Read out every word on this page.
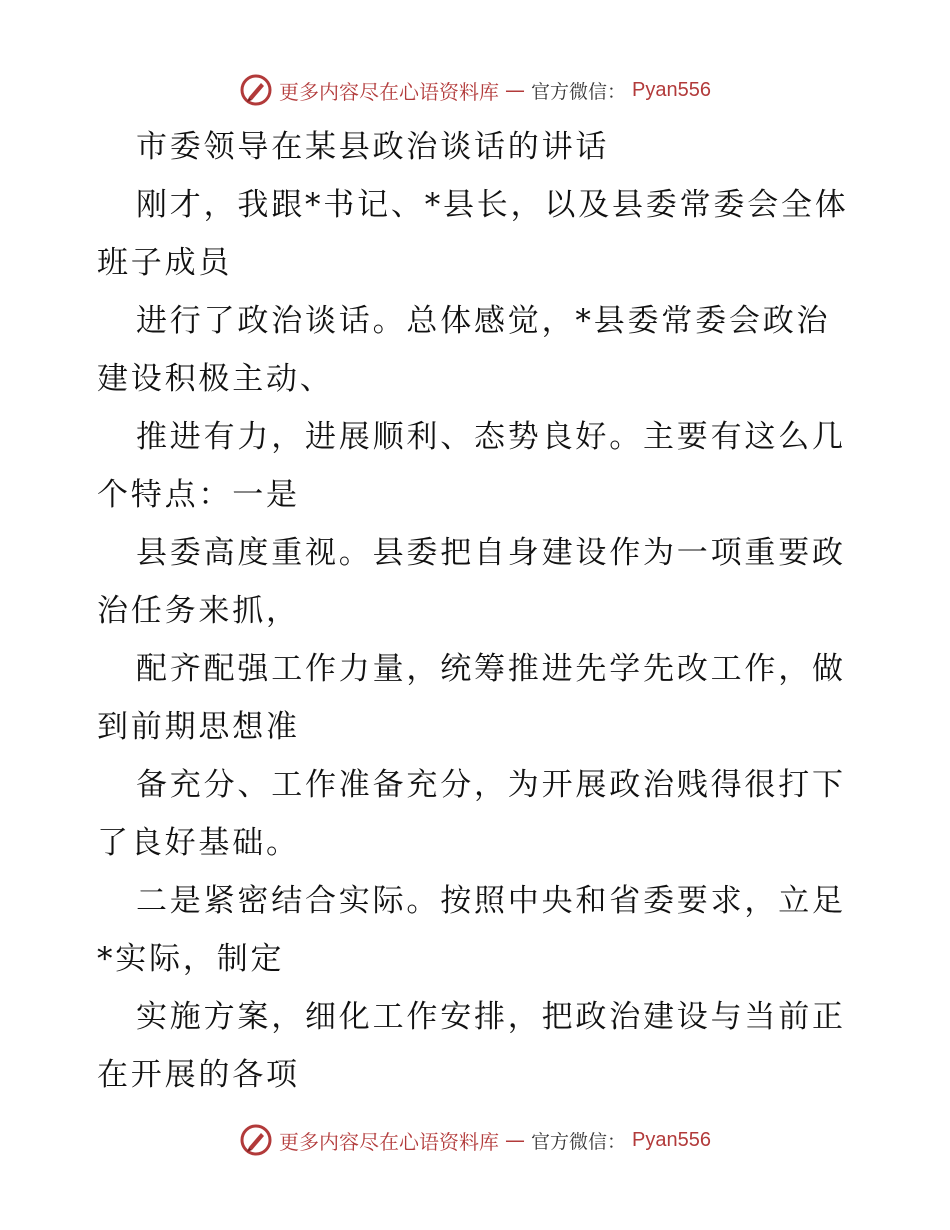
更多内容尽在心语资料库 — 官方微信： Pyan556
市委领导在某县政治谈话的讲话
刚才，我跟*书记、*县长，以及县委常委会全体
班子成员
进行了政治谈话。总体感觉，*县委常委会政治
建设积极主动、
推进有力，进展顺利、态势良好。主要有这么几
个特点：一是
县委高度重视。县委把自身建设作为一项重要政
治任务来抓，
配齐配强工作力量，统筹推进先学先改工作，做
到前期思想准
备充分、工作准备充分，为开展政治贱得很打下
了良好基础。
二是紧密结合实际。按照中央和省委要求，立足
*实际，制定
实施方案，细化工作安排，把政治建设与当前正
在开展的各项
更多内容尽在心语资料库 — 官方微信： Pyan556
